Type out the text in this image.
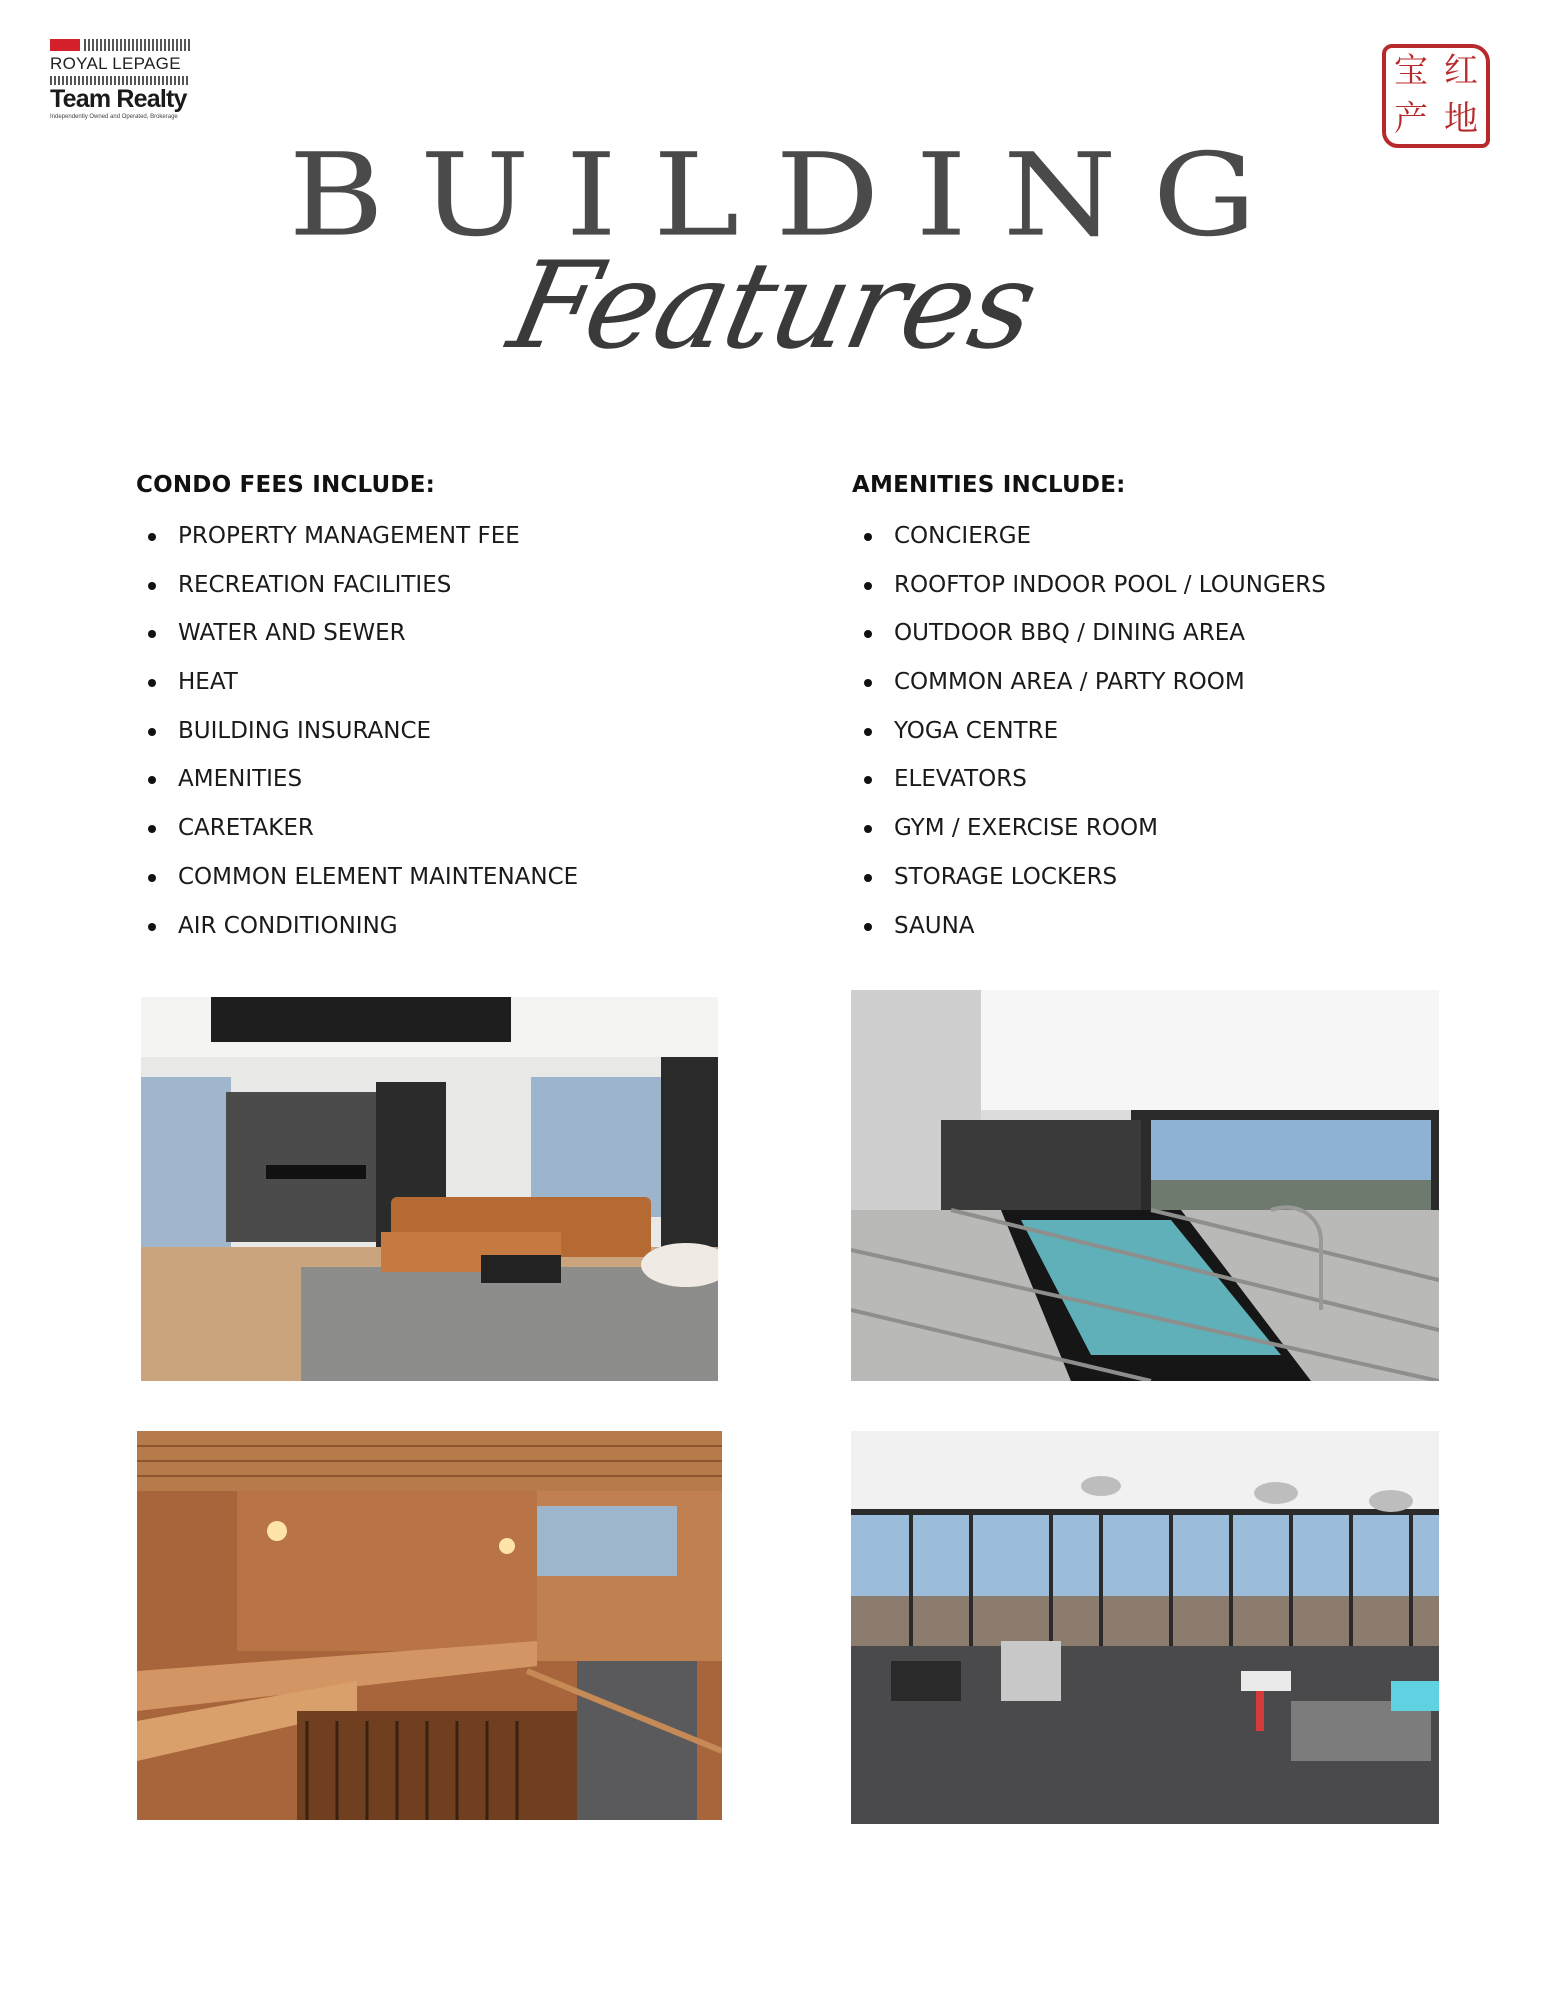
ROYAL LEPAGE
Team Realty
Independently Owned and Operated, Brokerage
宝 红
产 地
BUILDING
Features
CONDO FEES INCLUDE:
PROPERTY MANAGEMENT FEE
RECREATION FACILITIES
WATER AND SEWER
HEAT
BUILDING INSURANCE
AMENITIES
CARETAKER
COMMON ELEMENT MAINTENANCE
AIR CONDITIONING
AMENITIES INCLUDE:
CONCIERGE
ROOFTOP INDOOR POOL / LOUNGERS
OUTDOOR BBQ / DINING AREA
COMMON AREA / PARTY ROOM
YOGA CENTRE
ELEVATORS
GYM / EXERCISE ROOM
STORAGE LOCKERS
SAUNA
